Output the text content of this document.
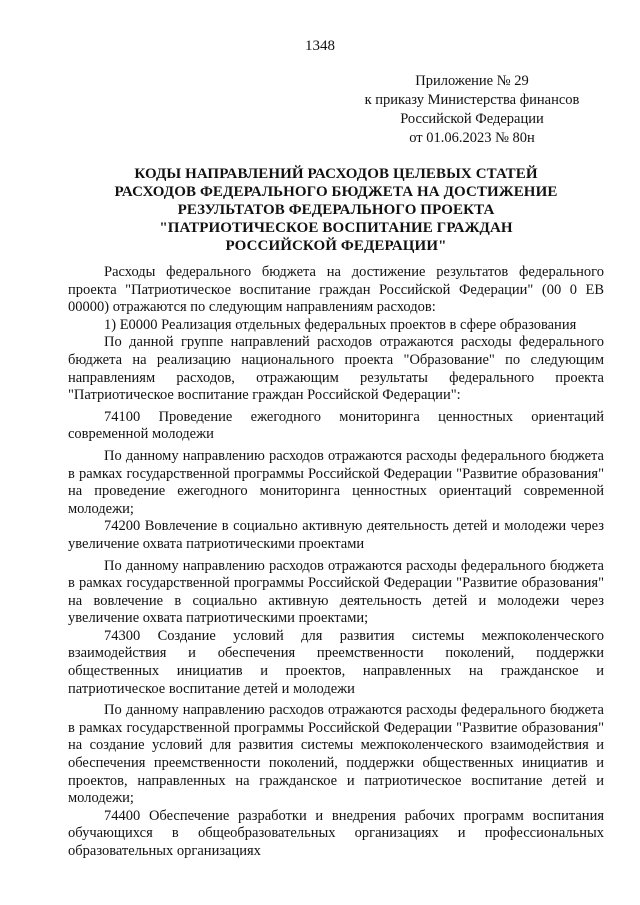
1348
Приложение № 29
к приказу Министерства финансов
Российской Федерации
от 01.06.2023 № 80н
КОДЫ НАПРАВЛЕНИЙ РАСХОДОВ ЦЕЛЕВЫХ СТАТЕЙ
РАСХОДОВ ФЕДЕРАЛЬНОГО БЮДЖЕТА НА ДОСТИЖЕНИЕ
РЕЗУЛЬТАТОВ ФЕДЕРАЛЬНОГО ПРОЕКТА
"ПАТРИОТИЧЕСКОЕ ВОСПИТАНИЕ ГРАЖДАН
РОССИЙСКОЙ ФЕДЕРАЦИИ"

Расходы федерального бюджета на достижение результатов федерального проекта "Патриотическое воспитание граждан Российской Федерации" (00 0 ЕВ 00000) отражаются по следующим направлениям расходов:

1) Е0000 Реализация отдельных федеральных проектов в сфере образования

По данной группе направлений расходов отражаются расходы федерального бюджета на реализацию национального проекта "Образование" по следующим направлениям расходов, отражающим результаты федерального проекта "Патриотическое воспитание граждан Российской Федерации":

74100 Проведение ежегодного мониторинга ценностных ориентаций современной молодежи

По данному направлению расходов отражаются расходы федерального бюджета в рамках государственной программы Российской Федерации "Развитие образования" на проведение ежегодного мониторинга ценностных ориентаций современной молодежи;

74200 Вовлечение в социально активную деятельность детей и молодежи через увеличение охвата патриотическими проектами

По данному направлению расходов отражаются расходы федерального бюджета в рамках государственной программы Российской Федерации "Развитие образования" на вовлечение в социально активную деятельность детей и молодежи через увеличение охвата патриотическими проектами;

74300 Создание условий для развития системы межпоколенческого взаимодействия и обеспечения преемственности поколений, поддержки общественных инициатив и проектов, направленных на гражданское и патриотическое воспитание детей и молодежи

По данному направлению расходов отражаются расходы федерального бюджета в рамках государственной программы Российской Федерации "Развитие образования" на создание условий для развития системы межпоколенческого взаимодействия и обеспечения преемственности поколений, поддержки общественных инициатив и проектов, направленных на гражданское и патриотическое воспитание детей и молодежи;

74400 Обеспечение разработки и внедрения рабочих программ воспитания обучающихся в общеобразовательных организациях и профессиональных образовательных организациях
